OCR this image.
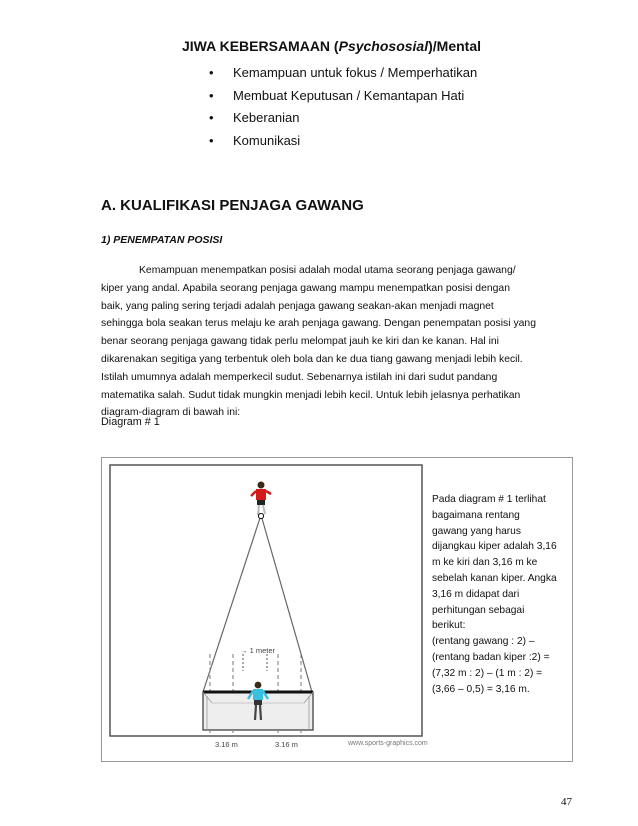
JIWA KEBERSAMAAN (Psychososial)/Mental
• Kemampuan untuk fokus / Memperhatikan
• Membuat Keputusan / Kemantapan Hati
• Keberanian
• Komunikasi
A. KUALIFIKASI PENJAGA GAWANG
1) PENEMPATAN POSISI

Kemampuan menempatkan posisi adalah modal utama seorang penjaga gawang/

kiper yang andal. Apabila seorang penjaga gawang mampu menempatkan posisi dengan

baik, yang paling sering terjadi adalah penjaga gawang seakan-akan menjadi magnet

sehingga bola seakan terus melaju ke arah penjaga gawang. Dengan penempatan posisi yang

benar seorang penjaga gawang tidak perlu melompat jauh ke kiri dan ke kanan. Hal ini

dikarenakan segitiga yang terbentuk oleh bola dan ke dua tiang gawang menjadi lebih kecil.

Istilah umumnya adalah memperkecil sudut. Sebenarnya istilah ini dari sudut pandang

matematika salah. Sudut tidak mungkin menjadi lebih kecil. Untuk lebih jelasnya perhatikan

diagram-diagram di bawah ini:

Diagram # 1
→ 1 meter
3.16 m	3.16 m	www.sports-graphics.com

Pada diagram # 1 terlihat

bagaimana rentang

gawang yang harus

dijangkau kiper adalah 3,16

m ke kiri dan 3,16 m ke

sebelah kanan kiper. Angka

3,16 m didapat dari

perhitungan sebagai

berikut:

(rentang gawang : 2) –

(rentang badan kiper :2) =

(7,32 m : 2) – (1 m : 2) =

(3,66 – 0,5) = 3,16 m.

47
